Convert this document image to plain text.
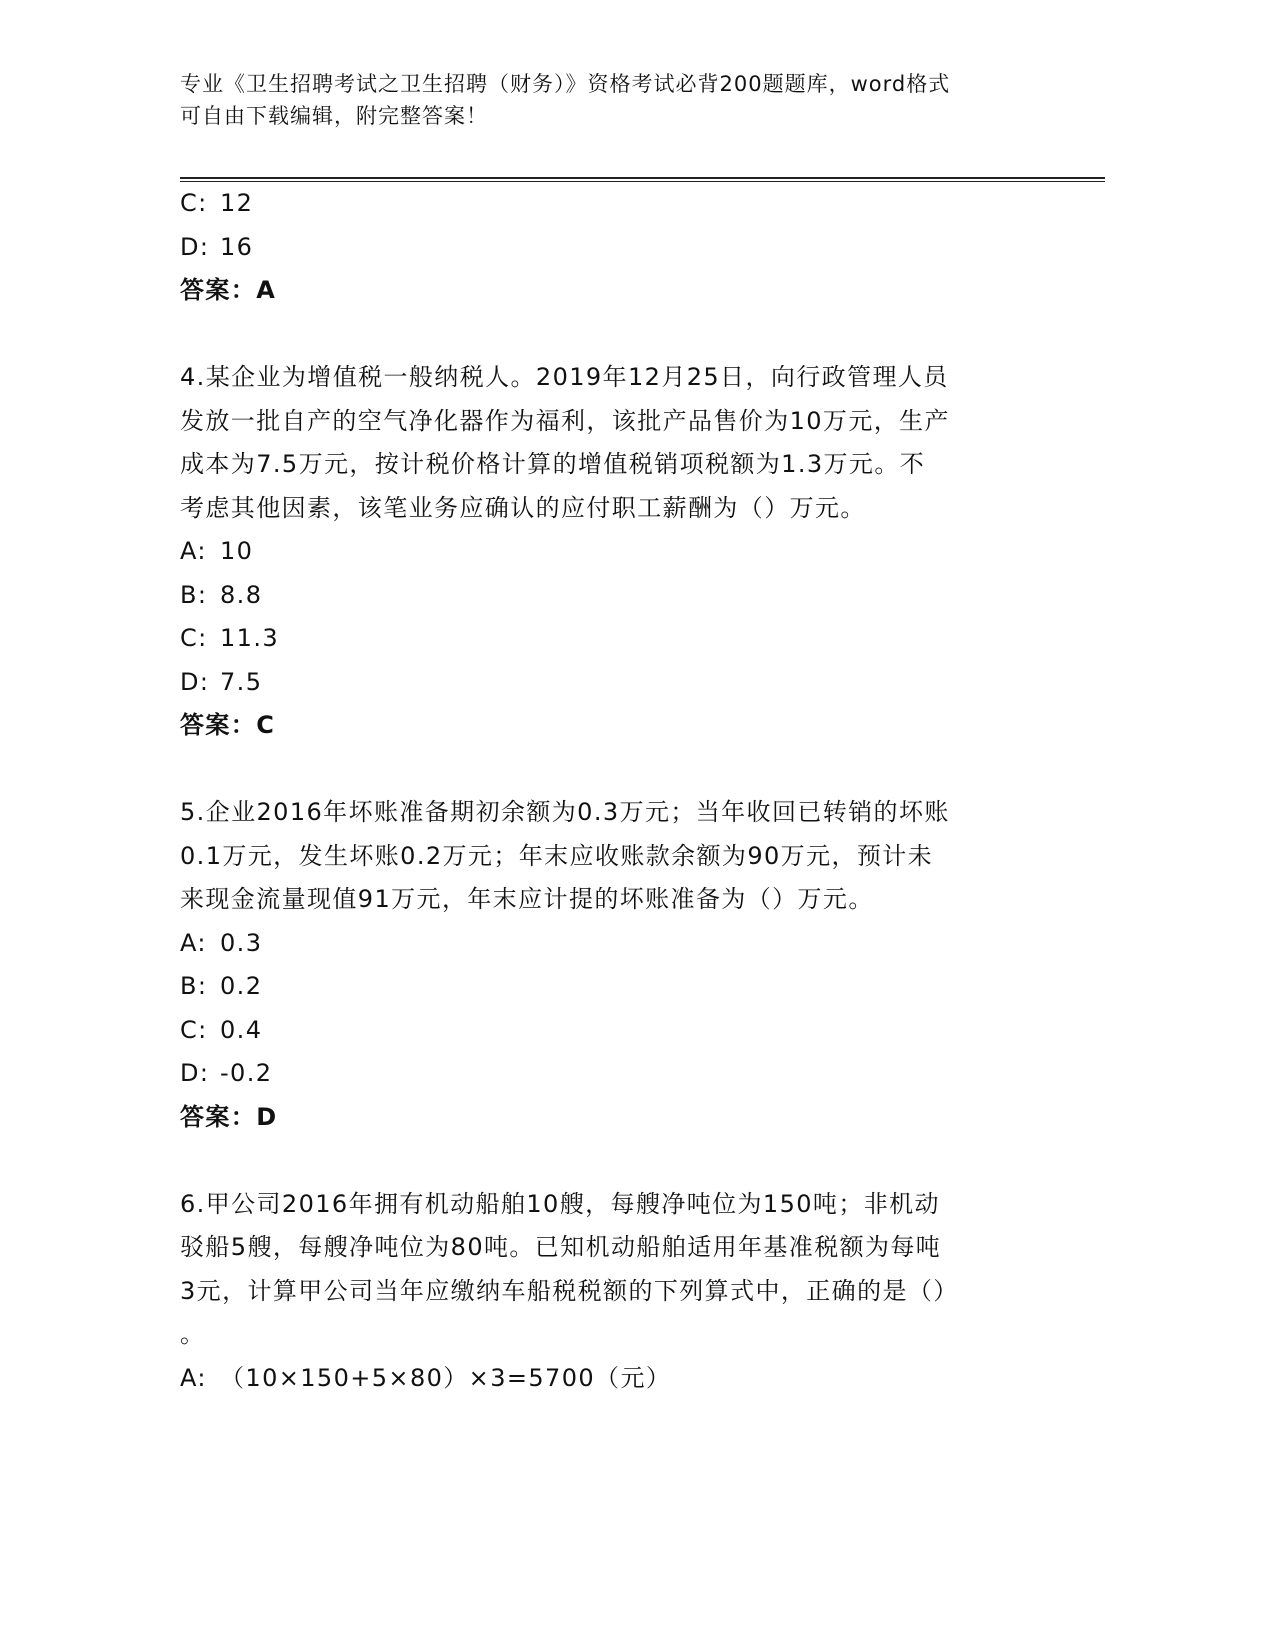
专业《卫生招聘考试之卫生招聘（财务）》资格考试必背200题题库，word格式
可自由下载编辑，附完整答案！
C: 12
D: 16
答案：A
4.某企业为增值税一般纳税人。2019年12月25日，向行政管理人员
发放一批自产的空气净化器作为福利，该批产品售价为10万元，生产
成本为7.5万元，按计税价格计算的增值税销项税额为1.3万元。不
考虑其他因素，该笔业务应确认的应付职工薪酬为（）万元。
A: 10
B: 8.8
C: 11.3
D: 7.5
答案：C
5.企业2016年坏账准备期初余额为0.3万元；当年收回已转销的坏账
0.1万元，发生坏账0.2万元；年末应收账款余额为90万元，预计未
来现金流量现值91万元，年末应计提的坏账准备为（）万元。
A: 0.3
B: 0.2
C: 0.4
D: -0.2
答案：D
6.甲公司2016年拥有机动船舶10艘，每艘净吨位为150吨；非机动
驳船5艘，每艘净吨位为80吨。已知机动船舶适用年基准税额为每吨
3元，计算甲公司当年应缴纳车船税税额的下列算式中，正确的是（）
。
A: （10×150+5×80）×3=5700（元）
